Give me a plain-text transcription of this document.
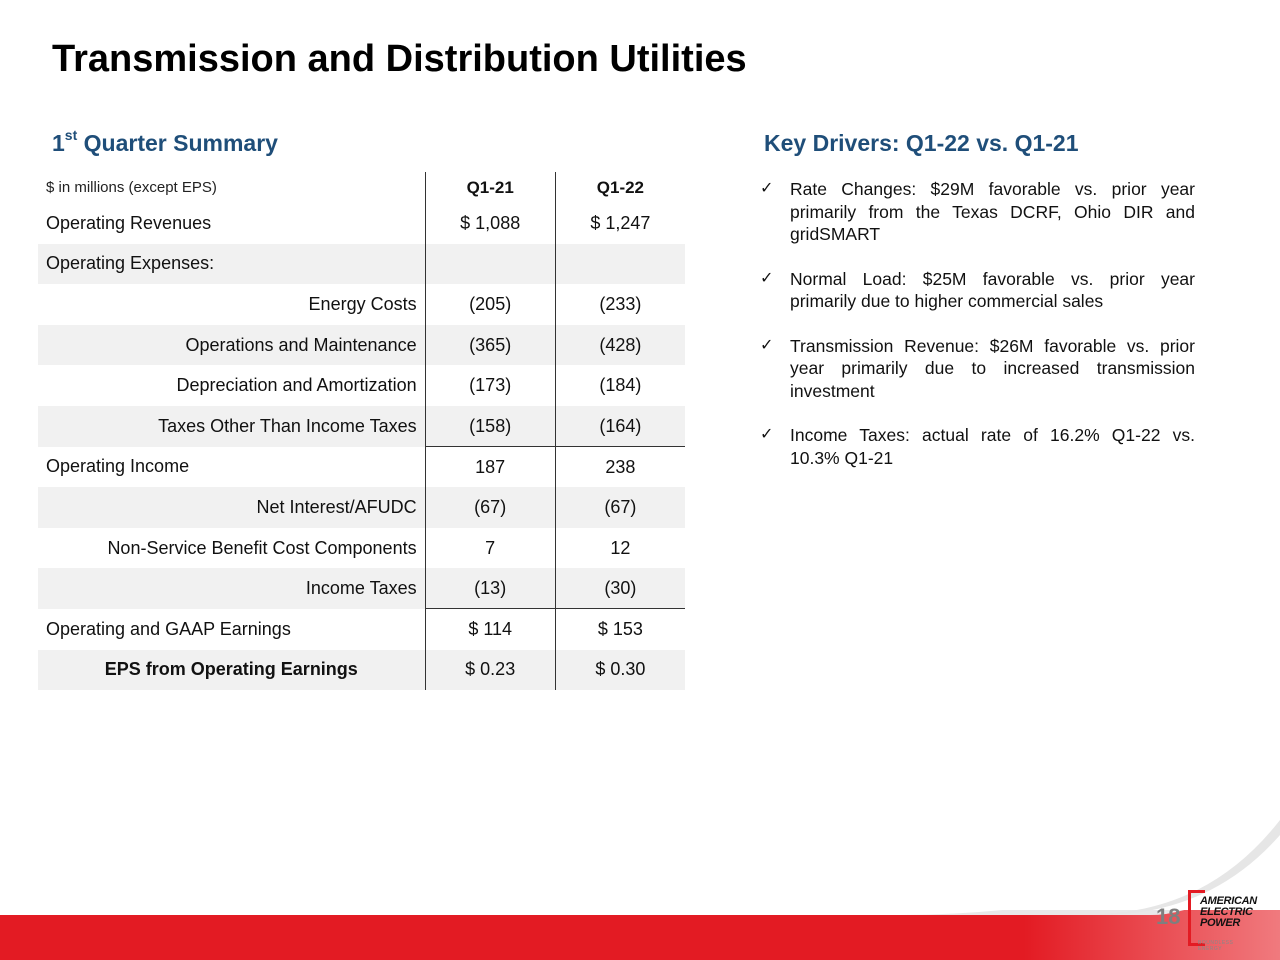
Transmission and Distribution Utilities
1st Quarter Summary	Key Drivers: Q1-22 vs. Q1-21
$ in millions (except EPS)	Q1-21	Q1-22
Operating Revenues	$ 1,088	$ 1,247
Operating Expenses:		
Energy Costs	(205)	(233)
Operations and Maintenance	(365)	(428)
Depreciation and Amortization	(173)	(184)
Taxes Other Than Income Taxes	(158)	(164)
Operating Income	187	238
Net Interest/AFUDC	(67)	(67)
Non-Service Benefit Cost Components	7	12
Income Taxes	(13)	(30)
Operating and GAAP Earnings	$ 114	$ 153
EPS from Operating Earnings	$ 0.23	$ 0.30
✓ Rate Changes: $29M favorable vs. prior year primarily from the Texas DCRF, Ohio DIR and gridSMART
✓ Normal Load: $25M favorable vs. prior year primarily due to higher commercial sales
✓ Transmission Revenue: $26M favorable vs. prior year primarily due to increased transmission investment
✓ Income Taxes: actual rate of 16.2% Q1-22 vs. 10.3% Q1-21
18
AMERICAN
ELECTRIC
POWER
BOUNDLESS ENERGY
